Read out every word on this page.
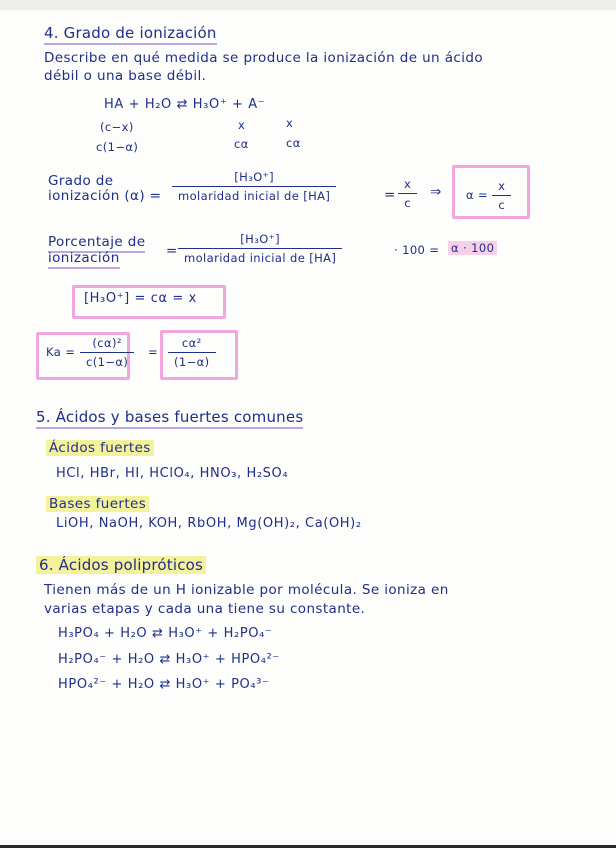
4. Grado de ionización
Describe en qué medida se produce la ionización de un ácido
débil o una base débil.
HA + H₂O ⇄ H₃O⁺ + A⁻
(c−x)	x	x
c(1−α)	cα	cα
Grado de
ionización $(\alpha) = \frac{\text{[H₃O⁺]}}{\text{molaridad inicial de [HA]}}$	= $\frac{x}{c}$ ⇒ $\alpha = \frac{x}{c}$
Porcentaje de
ionización	= $\frac{\text{[H₃O⁺]}}{\text{molaridad inicial de [HA]}}$	· 100 = α · 100
[H₃O⁺] = cα = x
$Ka = \frac{\text{(cα)²}}{c(1-\alpha)} = \frac{\text{cα²}}{(1-\alpha)}$
5. Ácidos y bases fuertes comunes
Ácidos fuertes
HCl, HBr, HI, HClO₄, HNO₃, H₂SO₄
Bases fuertes
LiOH, NaOH, KOH, RbOH, Mg(OH)₂, Ca(OH)₂
6. Ácidos polipróticos
Tienen más de un H ionizable por molécula. Se ioniza en
varias etapas y cada una tiene su constante.
H₃PO₄ + H₂O ⇄ H₃O⁺ + H₂PO₄⁻
H₂PO₄⁻ + H₂O ⇄ H₃O⁺ + HPO₄²⁻
HPO₄²⁻ + H₂O ⇄ H₃O⁺ + PO₄³⁻
